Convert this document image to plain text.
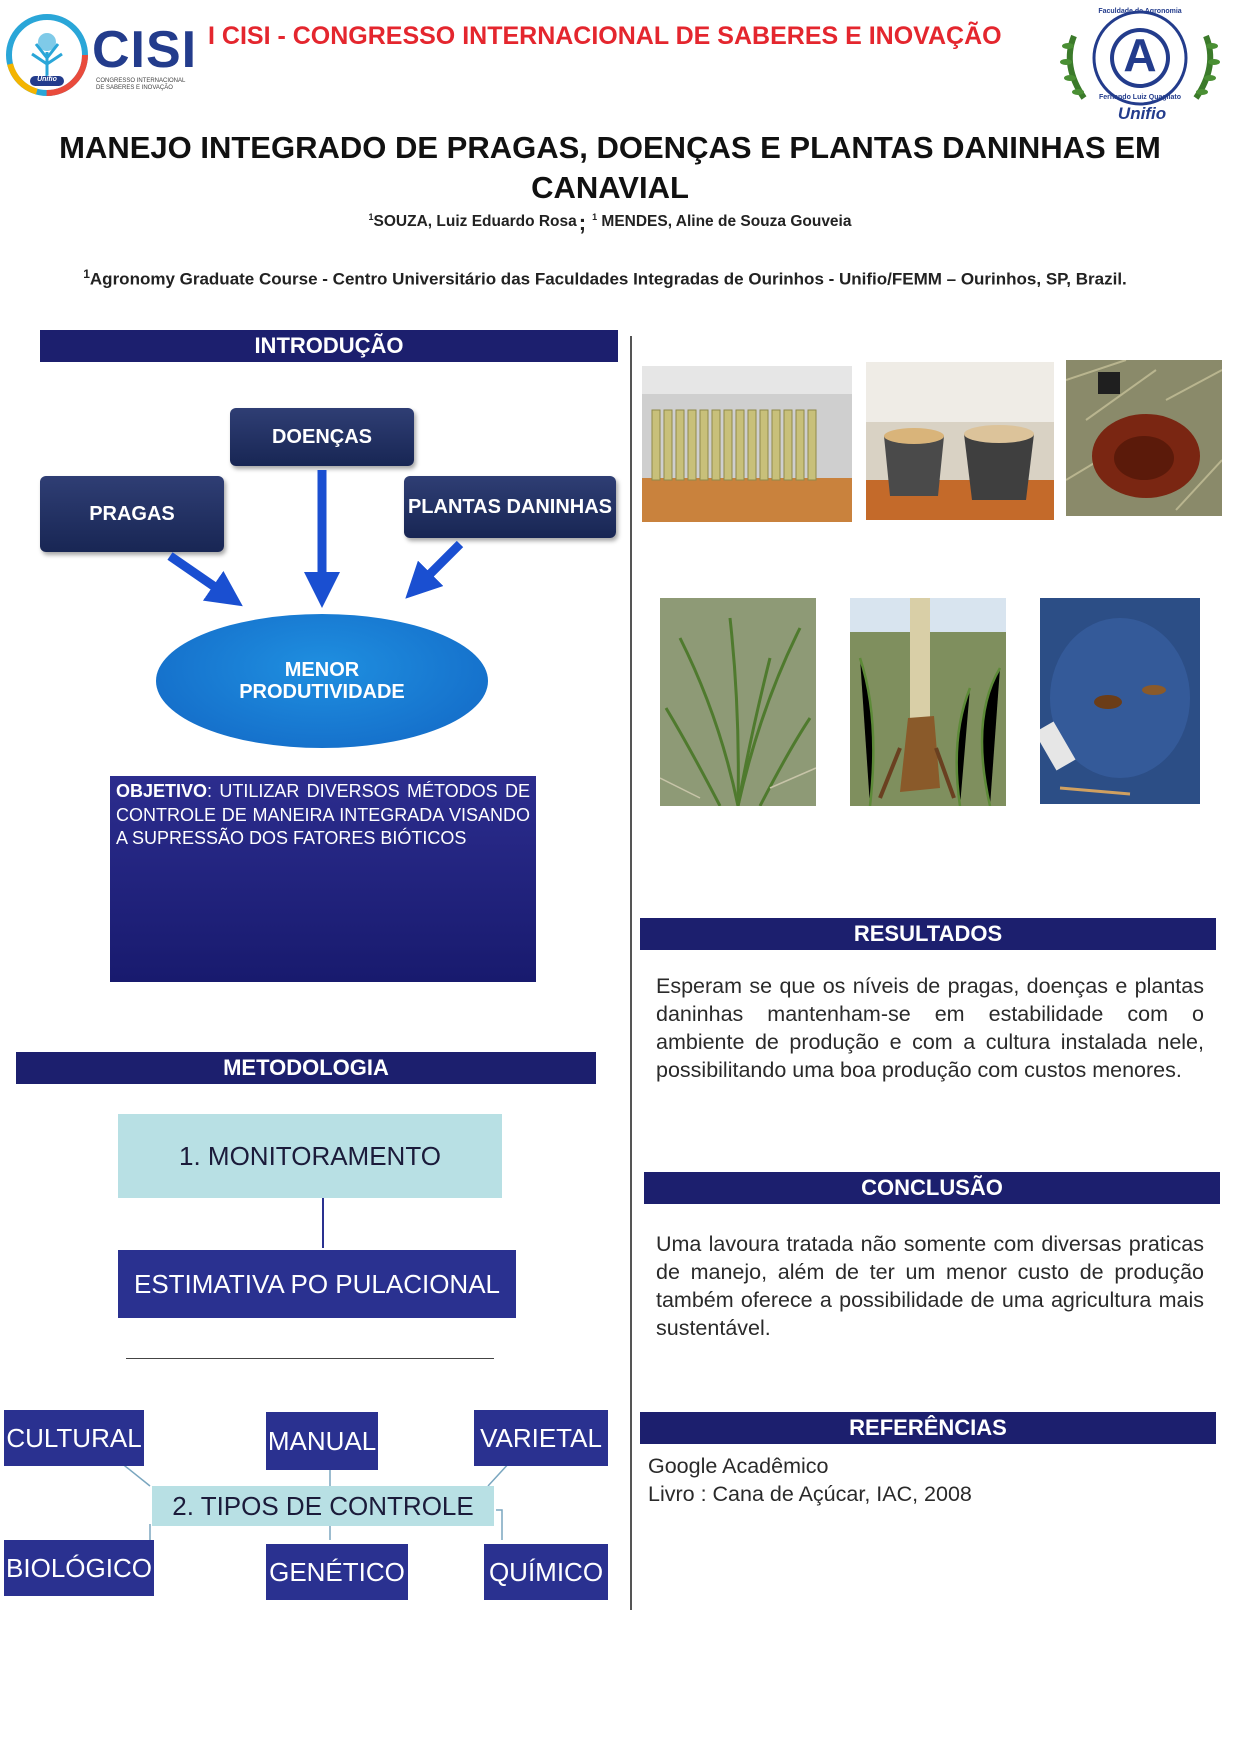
CISI
CONGRESSO INTERNACIONAL DE SABERES E INOVAÇÃO
Unifio
I CISI - CONGRESSO INTERNACIONAL DE SABERES E INOVAÇÃO	A
Faculdade de Agronomia
Fernando Luiz Quagliato
Unifio
MANEJO INTEGRADO DE PRAGAS, DOENÇAS E PLANTAS DANINHAS EM
CANAVIAL
$^1$SOUZA, Luiz Eduardo Rosa; $^1$ MENDES, Aline de Souza Gouveia
$^1$Agronomy Graduate Course - Centro Universitário das Faculdades Integradas de Ourinhos - Unifio/FEMM – Ourinhos, SP, Brazil.
INTRODUÇÃO
DOENÇAS
PRAGAS	PLANTAS DANINHAS
MENOR
PRODUTIVIDADE
OBJETIVO: UTILIZAR DIVERSOS MÉTODOS DE CONTROLE DE MANEIRA INTEGRADA VISANDO A SUPRESSÃO DOS FATORES BIÓTICOS
METODOLOGIA
1. MONITORAMENTO
ESTIMATIVA PO PULACIONAL
CULTURAL	MANUAL	VARIETAL
2. TIPOS DE CONTROLE
BIOLÓGICO	GENÉTICO	QUÍMICO
RESULTADOS
Esperam se que os níveis de pragas, doenças e plantas daninhas mantenham-se em estabilidade com o ambiente de produção e com a cultura instalada nele, possibilitando uma boa produção com custos menores.
CONCLUSÃO
Uma lavoura tratada não somente com diversas praticas de manejo, além de ter um menor custo de produção também oferece a possibilidade de uma agricultura mais sustentável.
REFERÊNCIAS
Google Acadêmico
Livro : Cana de Açúcar, IAC, 2008
